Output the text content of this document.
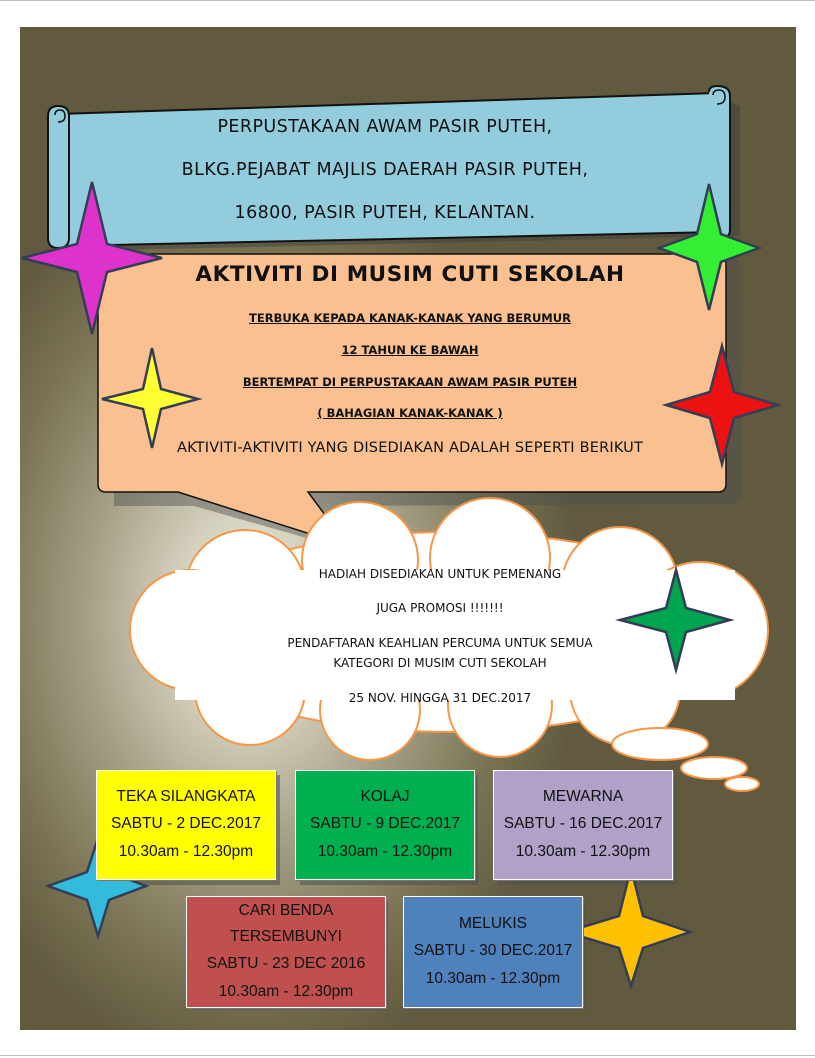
PERPUSTAKAAN AWAM PASIR PUTEH,
BLKG.PEJABAT MAJLIS DAERAH PASIR PUTEH,
16800, PASIR PUTEH, KELANTAN.
AKTIVITI DI MUSIM CUTI SEKOLAH
TERBUKA KEPADA KANAK-KANAK YANG BERUMUR
12 TAHUN KE BAWAH
BERTEMPAT DI PERPUSTAKAAN AWAM PASIR PUTEH
( BAHAGIAN KANAK-KANAK )
AKTIVITI-AKTIVITI YANG DISEDIAKAN ADALAH SEPERTI BERIKUT
HADIAH DISEDIAKAN UNTUK PEMENANG
JUGA PROMOSI !!!!!!!
PENDAFTARAN KEAHLIAN PERCUMA UNTUK SEMUA
KATEGORI DI MUSIM CUTI SEKOLAH
25 NOV. HINGGA 31 DEC.2017
TEKA SILANGKATA
SABTU - 2 DEC.2017
10.30am - 12.30pm
KOLAJ
SABTU - 9 DEC.2017
10.30am - 12.30pm
MEWARNA
SABTU - 16 DEC.2017
10.30am - 12.30pm
CARI BENDA
TERSEMBUNYI
SABTU - 23 DEC 2016
10.30am - 12.30pm
MELUKIS
SABTU - 30 DEC.2017
10.30am - 12.30pm
